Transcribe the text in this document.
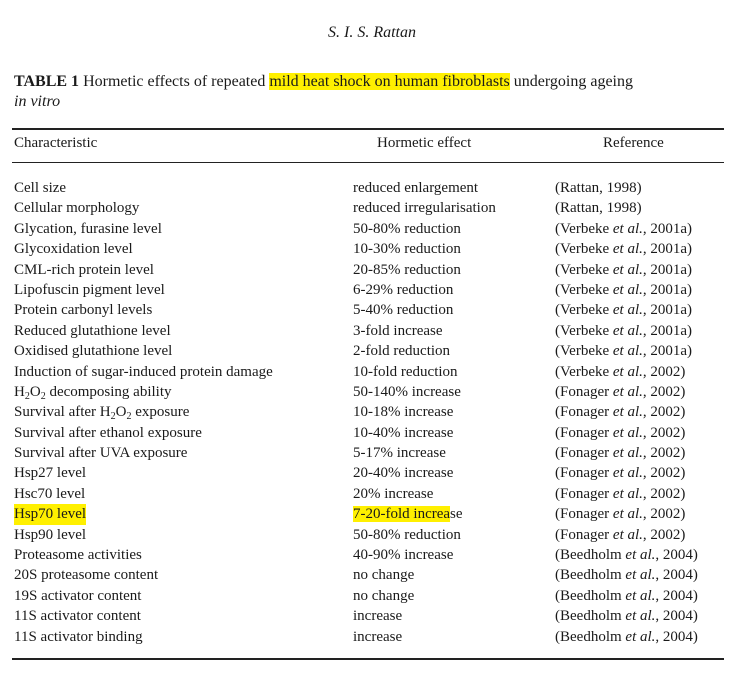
S. I. S. Rattan
TABLE 1 Hormetic effects of repeated mild heat shock on human fibroblasts undergoing ageing
in vitro
Characteristic	Hormetic effect	Reference
Cell size	reduced enlargement	(Rattan, 1998)
Cellular morphology	reduced irregularisation	(Rattan, 1998)
Glycation, furasine level	50-80% reduction	(Verbeke et al., 2001a)
Glycoxidation level	10-30% reduction	(Verbeke et al., 2001a)
CML-rich protein level	20-85% reduction	(Verbeke et al., 2001a)
Lipofuscin pigment level	6-29% reduction	(Verbeke et al., 2001a)
Protein carbonyl levels	5-40% reduction	(Verbeke et al., 2001a)
Reduced glutathione level	3-fold increase	(Verbeke et al., 2001a)
Oxidised glutathione level	2-fold reduction	(Verbeke et al., 2001a)
Induction of sugar-induced protein damage	10-fold reduction	(Verbeke et al., 2002)
$H_2O_2$ decomposing ability	50-140% increase	(Fonager et al., 2002)
Survival after $H_2O_2$ exposure	10-18% increase	(Fonager et al., 2002)
Survival after ethanol exposure	10-40% increase	(Fonager et al., 2002)
Survival after UVA exposure	5-17% increase	(Fonager et al., 2002)
Hsp27 level	20-40% increase	(Fonager et al., 2002)
Hsc70 level	20% increase	(Fonager et al., 2002)
Hsp70 level	7-20-fold increase	(Fonager et al., 2002)
Hsp90 level	50-80% reduction	(Fonager et al., 2002)
Proteasome activities	40-90% increase	(Beedholm et al., 2004)
20S proteasome content	no change	(Beedholm et al., 2004)
19S activator content	no change	(Beedholm et al., 2004)
11S activator content	increase	(Beedholm et al., 2004)
11S activator binding	increase	(Beedholm et al., 2004)
